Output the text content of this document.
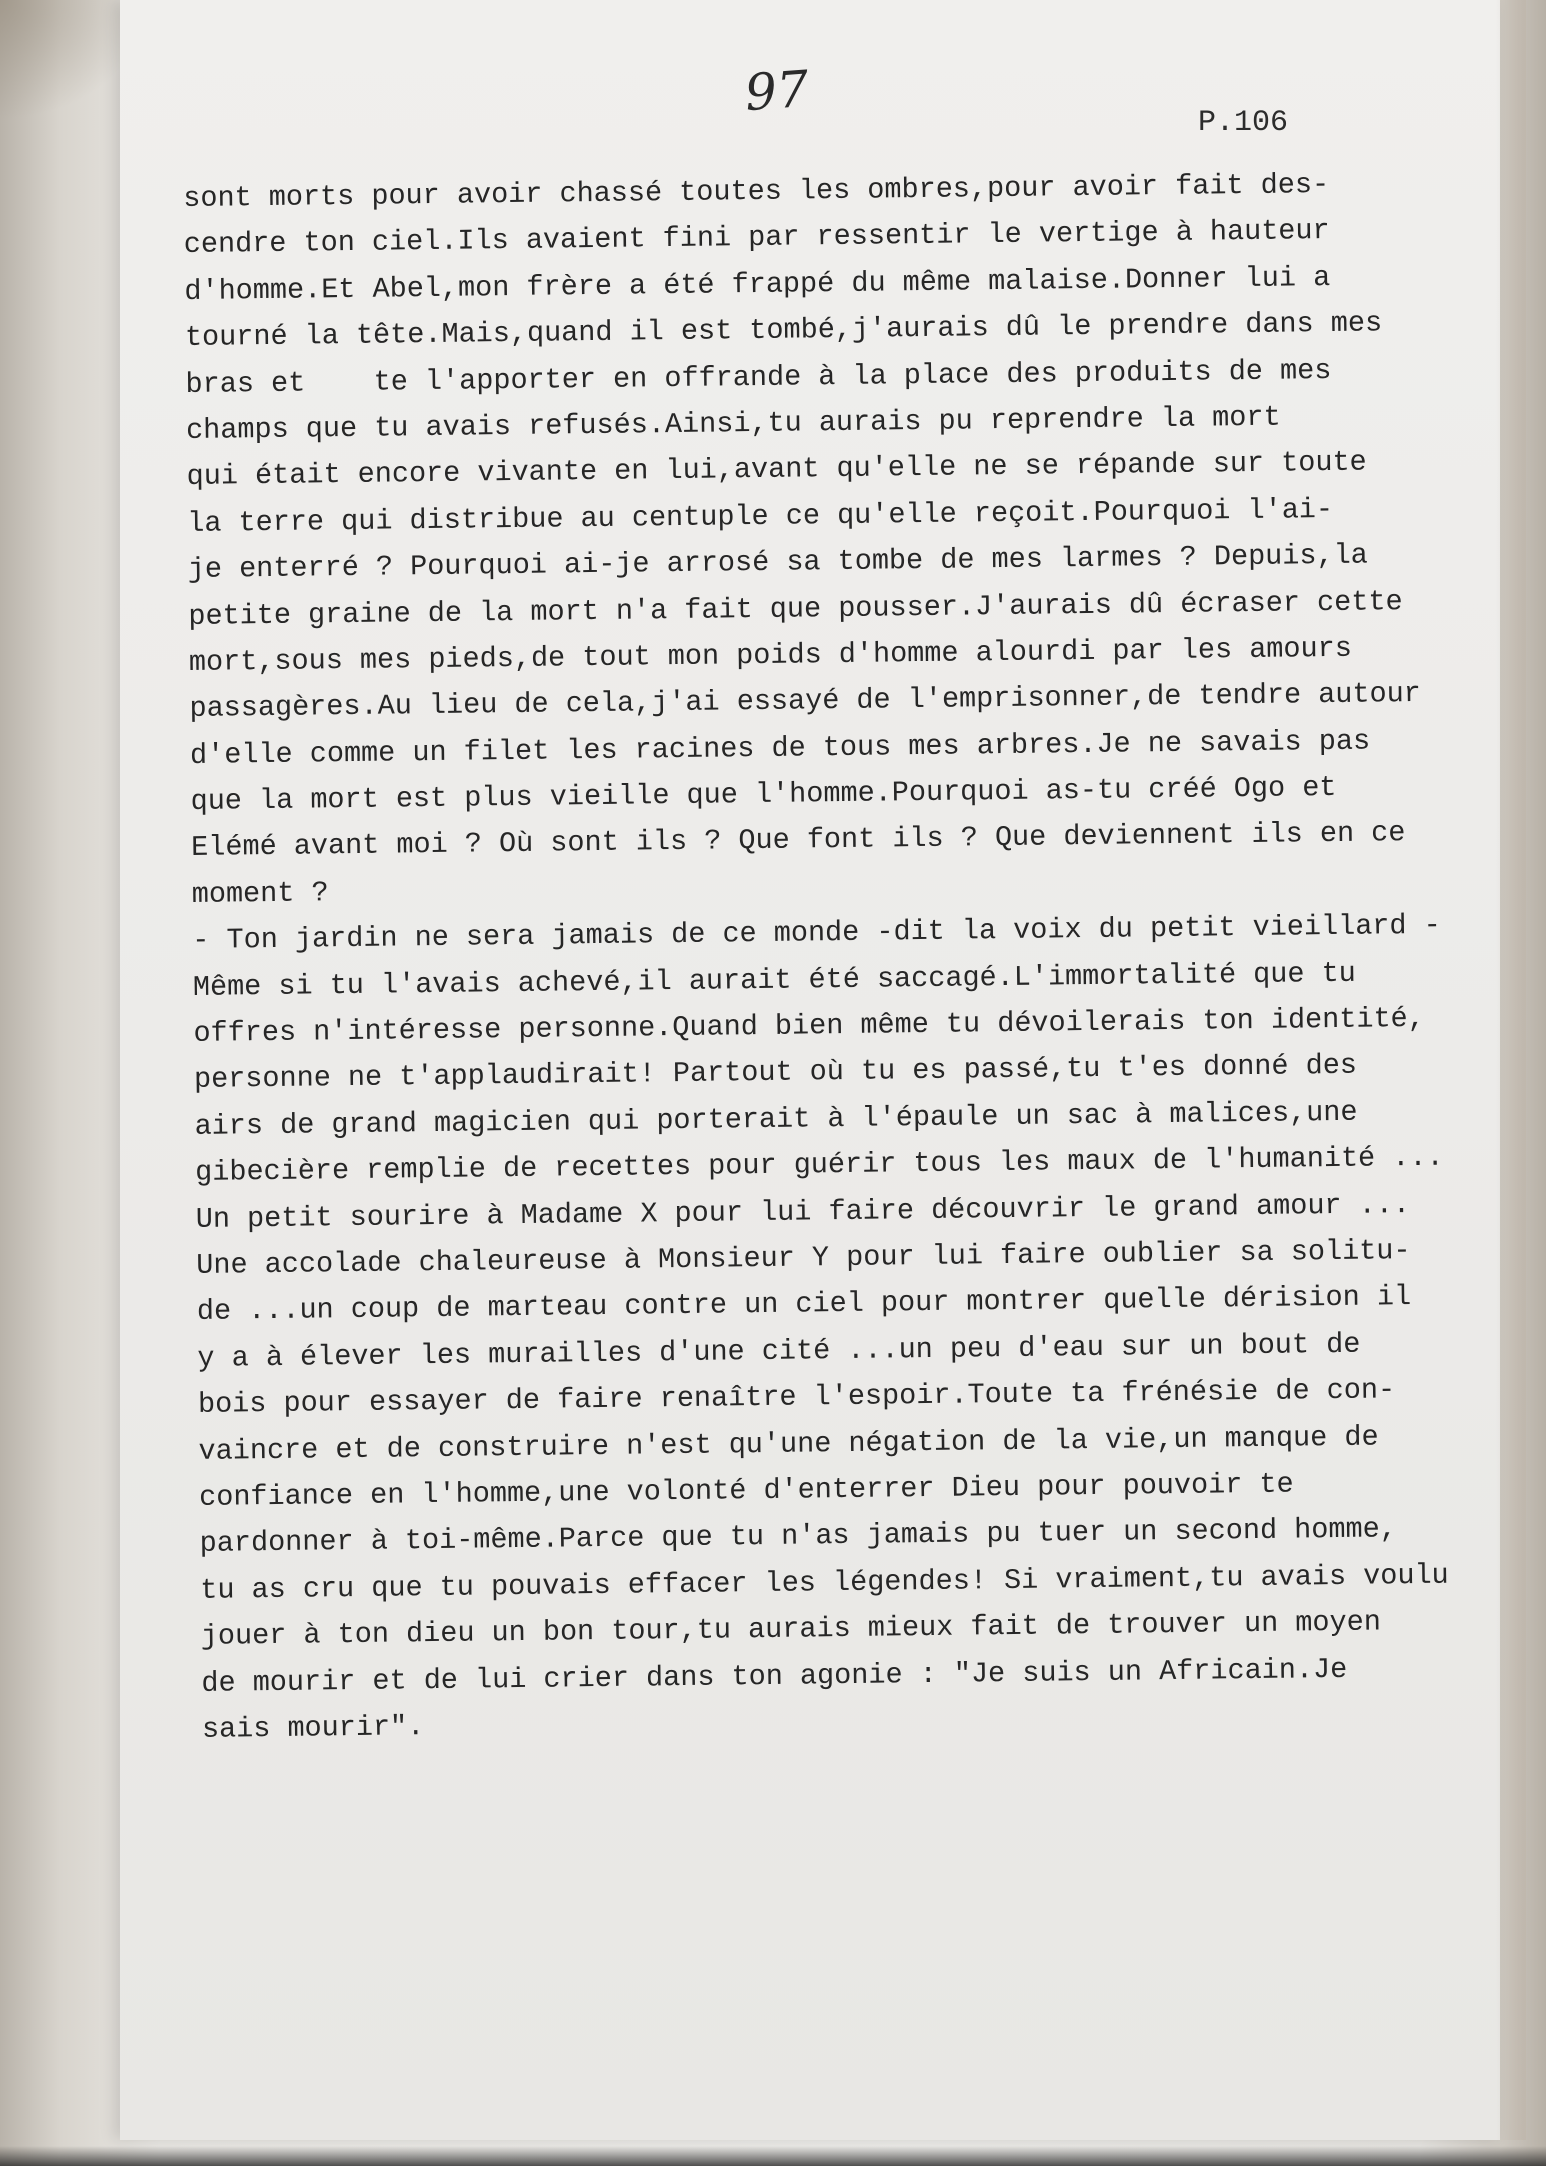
97
P.106
sont morts pour avoir chassé toutes les ombres,pour avoir fait des-
cendre ton ciel.Ils avaient fini par ressentir le vertige à hauteur
d'homme.Et Abel,mon frère a été frappé du même malaise.Donner lui a
tourné la tête.Mais,quand il est tombé,j'aurais dû le prendre dans mes
bras et    te l'apporter en offrande à la place des produits de mes
champs que tu avais refusés.Ainsi,tu aurais pu reprendre la mort
qui était encore vivante en lui,avant qu'elle ne se répande sur toute
la terre qui distribue au centuple ce qu'elle reçoit.Pourquoi l'ai-
je enterré ? Pourquoi ai-je arrosé sa tombe de mes larmes ? Depuis,la
petite graine de la mort n'a fait que pousser.J'aurais dû écraser cette
mort,sous mes pieds,de tout mon poids d'homme alourdi par les amours
passagères.Au lieu de cela,j'ai essayé de l'emprisonner,de tendre autour
d'elle comme un filet les racines de tous mes arbres.Je ne savais pas
que la mort est plus vieille que l'homme.Pourquoi as-tu créé Ogo et
Elémé avant moi ? Où sont ils ? Que font ils ? Que deviennent ils en ce
moment ?
- Ton jardin ne sera jamais de ce monde -dit la voix du petit vieillard -
Même si tu l'avais achevé,il aurait été saccagé.L'immortalité que tu
offres n'intéresse personne.Quand bien même tu dévoilerais ton identité,
personne ne t'applaudirait! Partout où tu es passé,tu t'es donné des
airs de grand magicien qui porterait à l'épaule un sac à malices,une
gibecière remplie de recettes pour guérir tous les maux de l'humanité ...
Un petit sourire à Madame X pour lui faire découvrir le grand amour ...
Une accolade chaleureuse à Monsieur Y pour lui faire oublier sa solitu-
de ...un coup de marteau contre un ciel pour montrer quelle dérision il
y a à élever les murailles d'une cité ...un peu d'eau sur un bout de
bois pour essayer de faire renaître l'espoir.Toute ta frénésie de con-
vaincre et de construire n'est qu'une négation de la vie,un manque de
confiance en l'homme,une volonté d'enterrer Dieu pour pouvoir te
pardonner à toi-même.Parce que tu n'as jamais pu tuer un second homme,
tu as cru que tu pouvais effacer les légendes! Si vraiment,tu avais voulu
jouer à ton dieu un bon tour,tu aurais mieux fait de trouver un moyen
de mourir et de lui crier dans ton agonie : "Je suis un Africain.Je
sais mourir".
